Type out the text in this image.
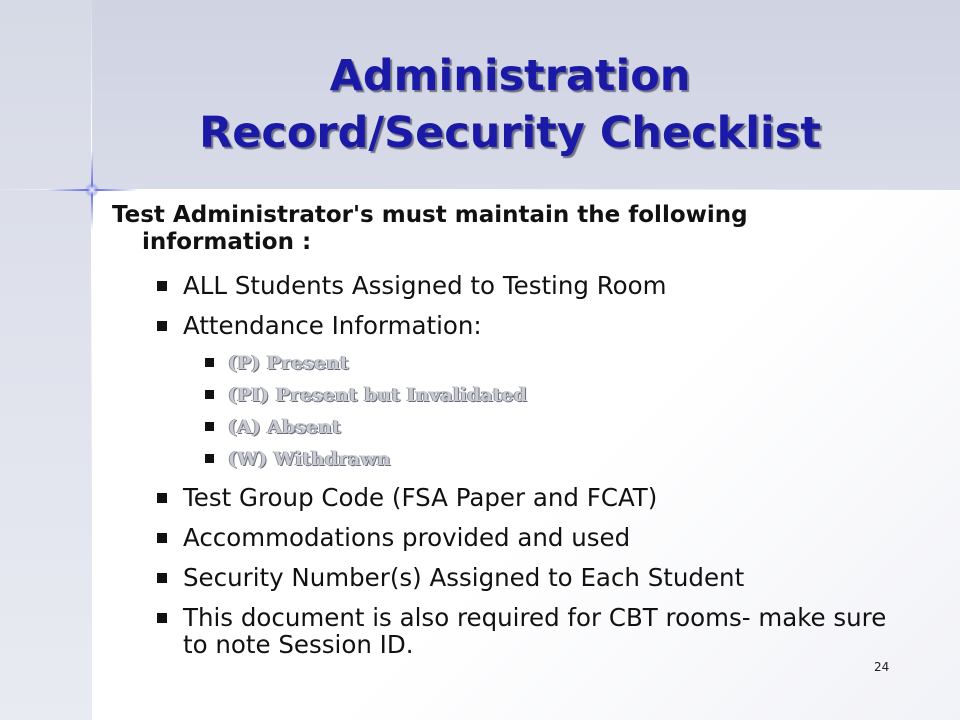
Administration
Record/Security Checklist

Test Administrator's must maintain the following information :

ALL Students Assigned to Testing Room
Attendance Information:
(P) Present
(PI) Present but Invalidated
(A) Absent
(W) Withdrawn
Test Group Code (FSA Paper and FCAT)
Accommodations provided and used
Security Number(s) Assigned to Each Student
This document is also required for CBT rooms- make sure to note Session ID.
24
